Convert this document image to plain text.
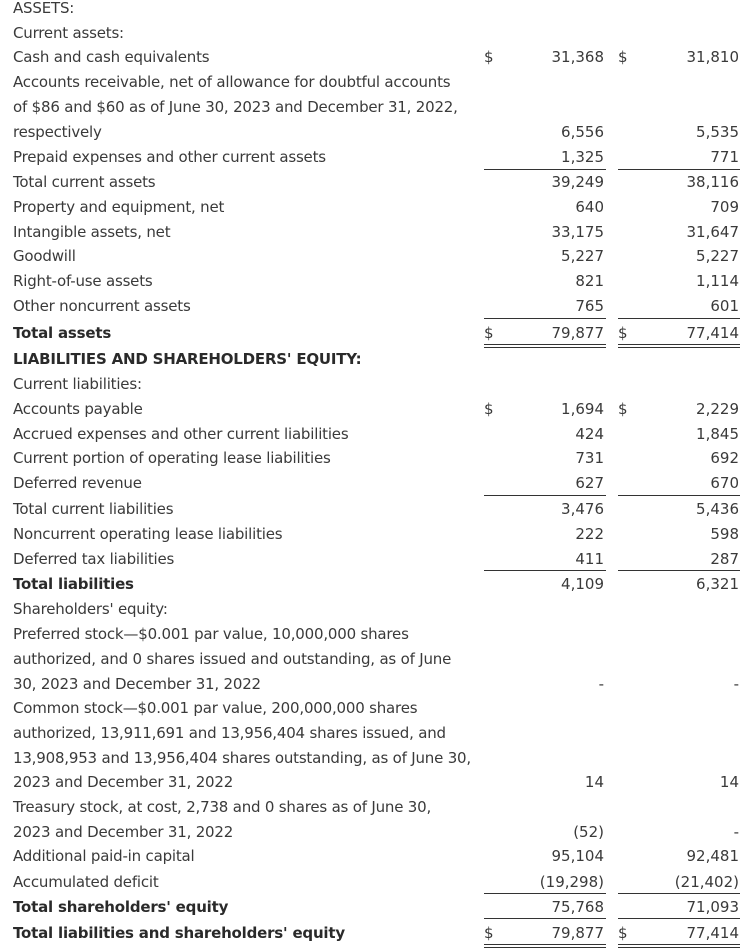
ASSETS:
Current assets:
Cash and cash equivalents	$	31,368 $	31,810
Accounts receivable, net of allowance for doubtful accounts
of $86 and $60 as of June 30, 2023 and December 31, 2022,
respectively	6,556	5,535
Prepaid expenses and other current assets	1,325	771
Total current assets	39,249	38,116
Property and equipment, net	640	709
Intangible assets, net	33,175	31,647
Goodwill	5,227	5,227
Right-of-use assets	821	1,114
Other noncurrent assets	765	601
Total assets	$	79,877 $	77,414
LIABILITIES AND SHAREHOLDERS' EQUITY:
Current liabilities:
Accounts payable	$	1,694 $	2,229
Accrued expenses and other current liabilities	424	1,845
Current portion of operating lease liabilities	731	692
Deferred revenue	627	670
Total current liabilities	3,476	5,436
Noncurrent operating lease liabilities	222	598
Deferred tax liabilities	411	287
Total liabilities	4,109	6,321
Shareholders' equity:
Preferred stock—$0.001 par value, 10,000,000 shares
authorized, and 0 shares issued and outstanding, as of June
30, 2023 and December 31, 2022	-	-
Common stock—$0.001 par value, 200,000,000 shares
authorized, 13,911,691 and 13,956,404 shares issued, and
13,908,953 and 13,956,404 shares outstanding, as of June 30,
2023 and December 31, 2022	14	14
Treasury stock, at cost, 2,738 and 0 shares as of June 30,
2023 and December 31, 2022	(52)	-
Additional paid-in capital	95,104	92,481
Accumulated deficit	(19,298)	(21,402)
Total shareholders' equity	75,768	71,093
Total liabilities and shareholders' equity	$	79,877 $	77,414
